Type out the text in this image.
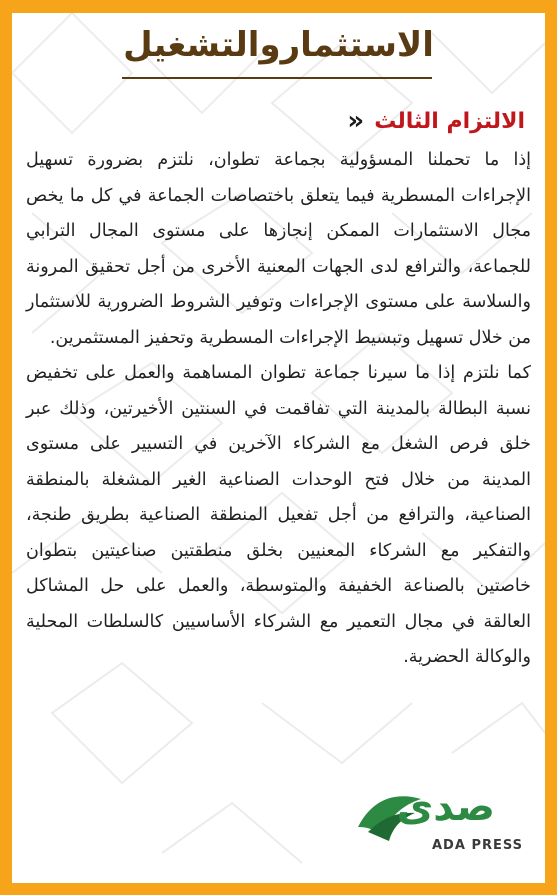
الاستثماروالتشغيل
الالتزام الثالث
«

إذا ما تحملنا المسؤولية بجماعة تطوان، نلتزم بضرورة تسهيل الإجراءات المسطرية فيما يتعلق باختصاصات الجماعة في كل ما يخص مجال الاستثمارات الممكن إنجازها على مستوى المجال الترابي للجماعة، والترافع لدى الجهات المعنية الأخرى من أجل تحقيق المرونة والسلاسة على مستوى الإجراءات وتوفير الشروط الضرورية للاستثمار من خلال تسهيل وتبسيط الإجراءات المسطرية وتحفيز المستثمرين.

كما نلتزم إذا ما سيرنا جماعة تطوان المساهمة والعمل على تخفيض نسبة البطالة بالمدينة التي تفاقمت في السنتين الأخيرتين، وذلك عبر خلق فرص الشغل مع الشركاء الآخرين في التسيير على مستوى المدينة من خلال فتح الوحدات الصناعية الغير المشغلة بالمنطقة الصناعية، والترافع من أجل تفعيل المنطقة الصناعية بطريق طنجة، والتفكير مع الشركاء المعنيين بخلق منطقتين صناعيتين بتطوان خاصتين بالصناعة الخفيفة والمتوسطة، والعمل على حل المشاكل العالقة في مجال التعمير مع الشركاء الأساسيين كالسلطات المحلية والوكالة الحضرية.

صدى
ADA PRESS
